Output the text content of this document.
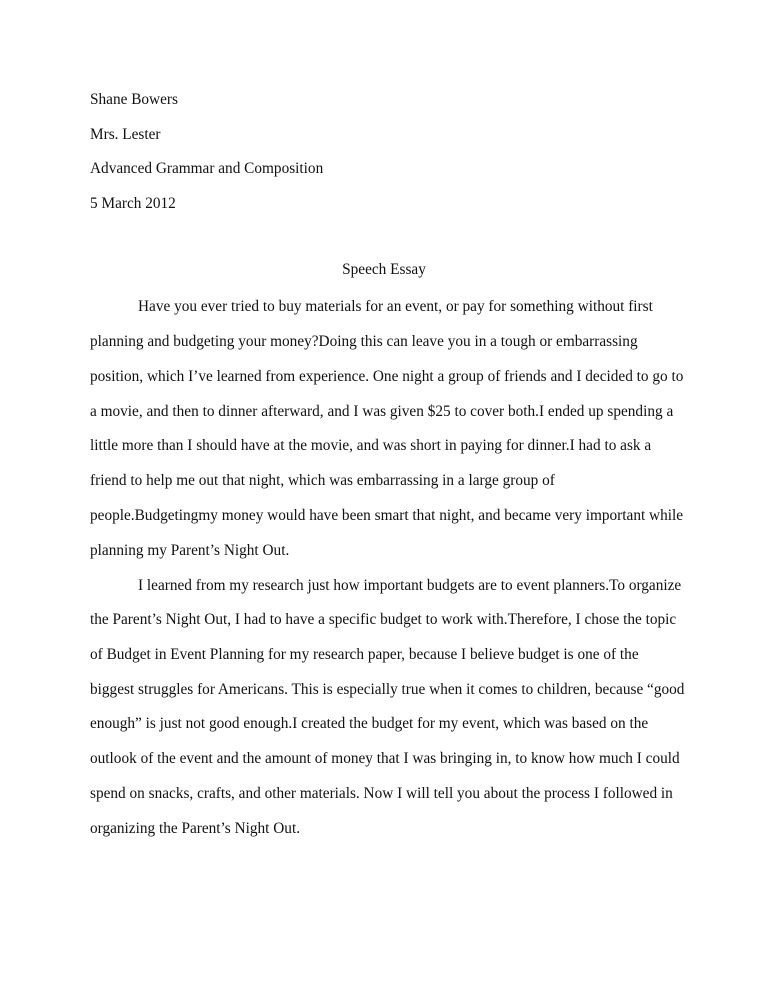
Shane Bowers

Mrs. Lester

Advanced Grammar and Composition

5 March 2012

Speech Essay

Have you ever tried to buy materials for an event, or pay for something without first

planning and budgeting your money?Doing this can leave you in a tough or embarrassing

position, which I’ve learned from experience. One night a group of friends and I decided to go to

a movie, and then to dinner afterward, and I was given $25 to cover both.I ended up spending a

little more than I should have at the movie, and was short in paying for dinner.I had to ask a

friend to help me out that night, which was embarrassing in a large group of

people.Budgetingmy money would have been smart that night, and became very important while

planning my Parent’s Night Out.

I learned from my research just how important budgets are to event planners.To organize

the Parent’s Night Out, I had to have a specific budget to work with.Therefore, I chose the topic

of Budget in Event Planning for my research paper, because I believe budget is one of the

biggest struggles for Americans. This is especially true when it comes to children, because “good

enough” is just not good enough.I created the budget for my event, which was based on the

outlook of the event and the amount of money that I was bringing in, to know how much I could

spend on snacks, crafts, and other materials. Now I will tell you about the process I followed in

organizing the Parent’s Night Out.
